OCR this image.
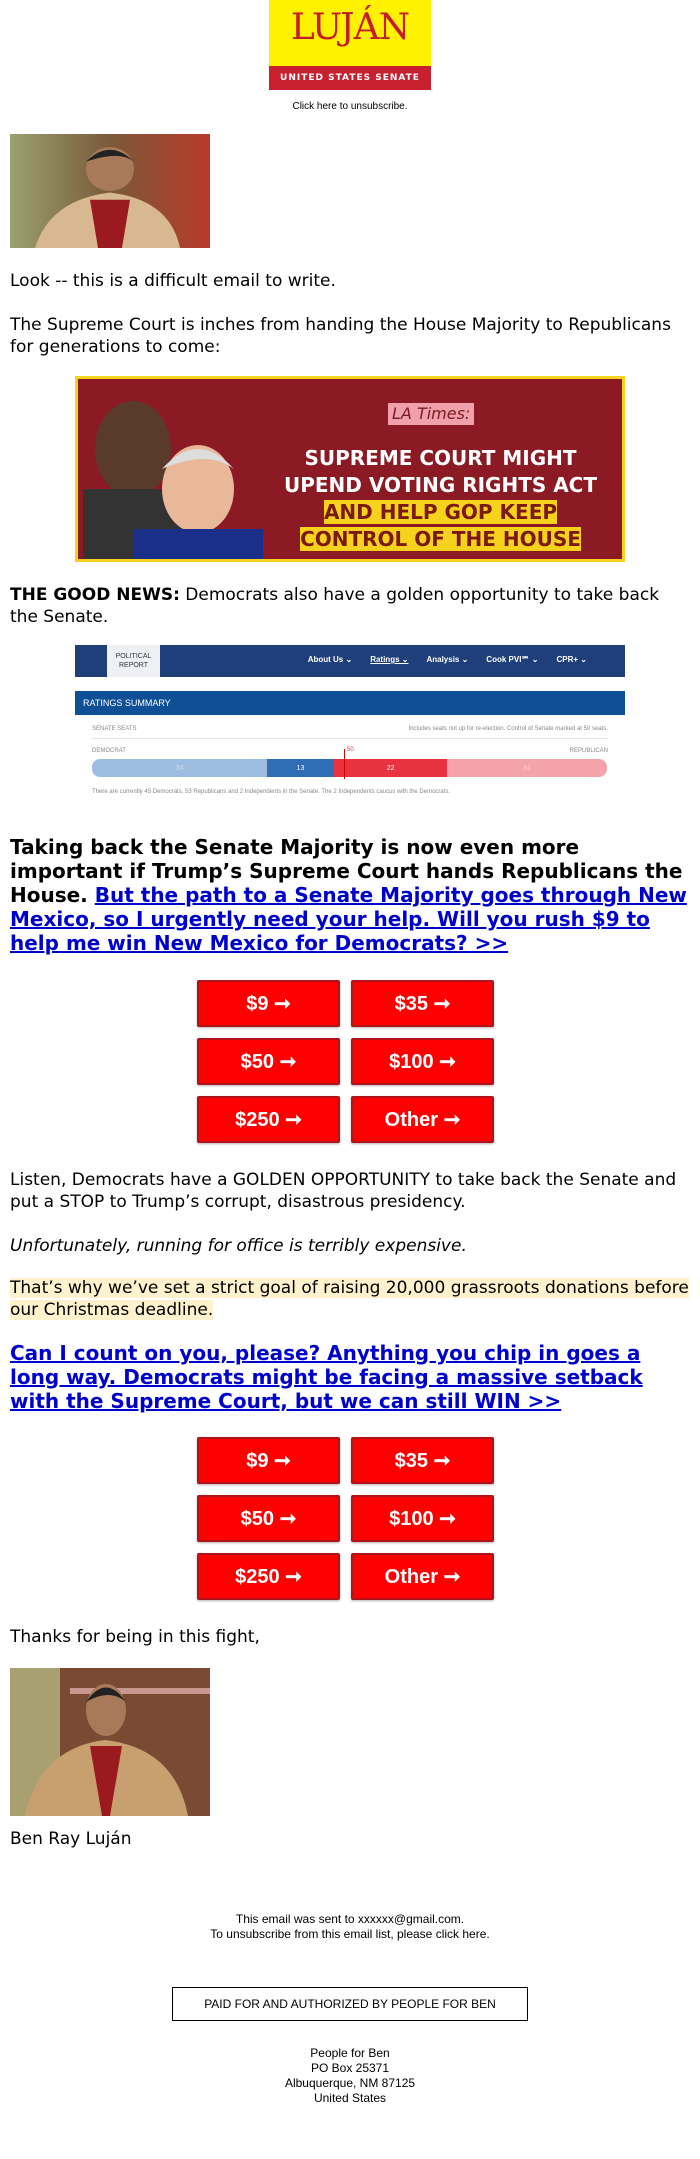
LUJÁN
UNITED STATES SENATE
Click here to unsubscribe.
Look -- this is a difficult email to write.
The Supreme Court is inches from handing the House Majority to Republicans for generations to come:
LA Times:
SUPREME COURT MIGHT UPEND VOTING RIGHTS ACT AND HELP GOP KEEP CONTROL OF THE HOUSE
THE GOOD NEWS: Democrats also have a golden opportunity to take back the Senate.
POLITICAL REPORT
About Us ⌄ Ratings ⌄ Analysis ⌄ Cook PVI℠ ⌄ CPR+ ⌄
RATINGS SUMMARY
SENATE SEATS	Includes seats not up for re-election. Control of Senate marked at 50 seats.
DEMOCRAT	REPUBLICAN
50
34	13	22	31
There are currently 45 Democrats, 53 Republicans and 2 Independents in the Senate. The 2 Independents caucus with the Democrats.
Taking back the Senate Majority is now even more important if Trump’s Supreme Court hands Republicans the House. But the path to a Senate Majority goes through New Mexico, so I urgently need your help. Will you rush $9 to help me win New Mexico for Democrats? >>
$9 ➞	$35 ➞
$50 ➞	$100 ➞
$250 ➞	Other ➞
Listen, Democrats have a GOLDEN OPPORTUNITY to take back the Senate and put a STOP to Trump’s corrupt, disastrous presidency.
Unfortunately, running for office is terribly expensive.
That’s why we’ve set a strict goal of raising 20,000 grassroots donations before our Christmas deadline.
Can I count on you, please? Anything you chip in goes a long way. Democrats might be facing a massive setback with the Supreme Court, but we can still WIN >>
$9 ➞	$35 ➞
$50 ➞	$100 ➞
$250 ➞	Other ➞
Thanks for being in this fight,
Ben Ray Luján
This email was sent to xxxxxx@gmail.com.
To unsubscribe from this email list, please click here.
PAID FOR AND AUTHORIZED BY PEOPLE FOR BEN
People for Ben
PO Box 25371
Albuquerque, NM 87125
United States
